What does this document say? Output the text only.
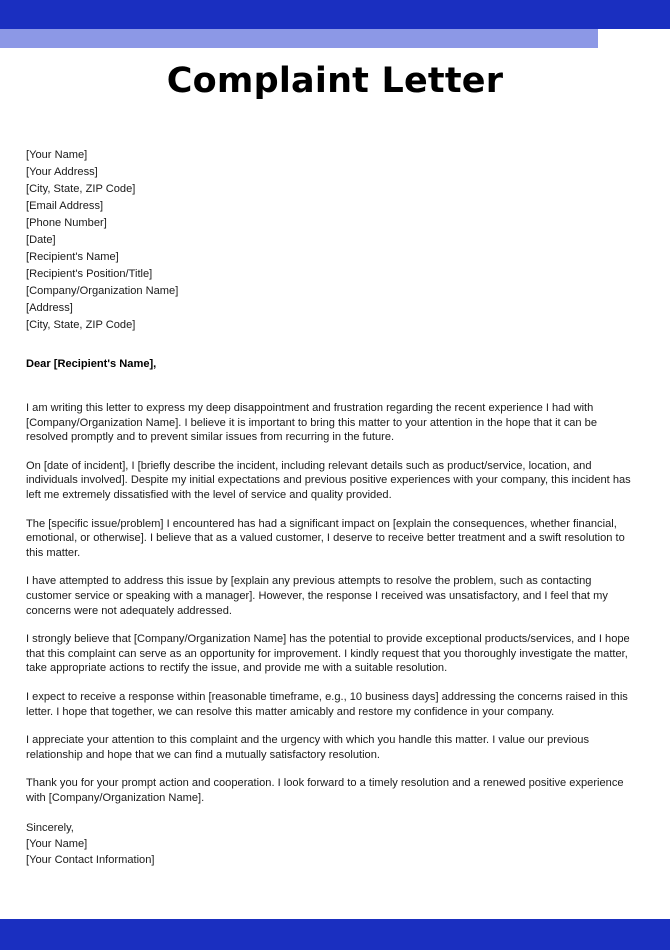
Complaint Letter
[Your Name]
[Your Address]
[City, State, ZIP Code]
[Email Address]
[Phone Number]
[Date]
[Recipient's Name]
[Recipient's Position/Title]
[Company/Organization Name]
[Address]
[City, State, ZIP Code]
Dear [Recipient's Name],

I am writing this letter to express my deep disappointment and frustration regarding the recent experience I had with [Company/Organization Name]. I believe it is important to bring this matter to your attention in the hope that it can be resolved promptly and to prevent similar issues from recurring in the future.

On [date of incident], I [briefly describe the incident, including relevant details such as product/service, location, and individuals involved]. Despite my initial expectations and previous positive experiences with your company, this incident has left me extremely dissatisfied with the level of service and quality provided.

The [specific issue/problem] I encountered has had a significant impact on [explain the consequences, whether financial, emotional, or otherwise]. I believe that as a valued customer, I deserve to receive better treatment and a swift resolution to this matter.

I have attempted to address this issue by [explain any previous attempts to resolve the problem, such as contacting customer service or speaking with a manager]. However, the response I received was unsatisfactory, and I feel that my concerns were not adequately addressed.

I strongly believe that [Company/Organization Name] has the potential to provide exceptional products/services, and I hope that this complaint can serve as an opportunity for improvement. I kindly request that you thoroughly investigate the matter, take appropriate actions to rectify the issue, and provide me with a suitable resolution.

I expect to receive a response within [reasonable timeframe, e.g., 10 business days] addressing the concerns raised in this letter. I hope that together, we can resolve this matter amicably and restore my confidence in your company.

I appreciate your attention to this complaint and the urgency with which you handle this matter. I value our previous relationship and hope that we can find a mutually satisfactory resolution.

Thank you for your prompt action and cooperation. I look forward to a timely resolution and a renewed positive experience with [Company/Organization Name].

Sincerely,
[Your Name]
[Your Contact Information]
